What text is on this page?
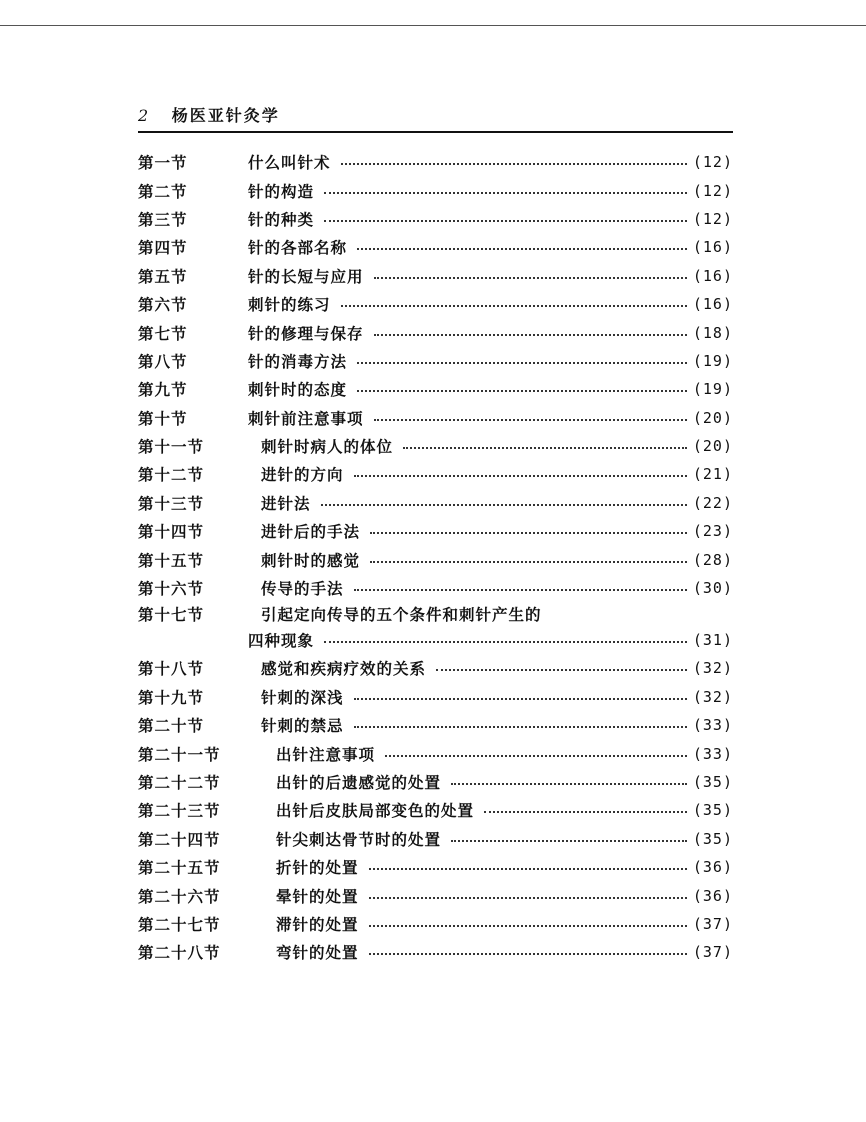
2 杨医亚针灸学
第一节	什么叫针术	(12)
第二节	针的构造	(12)
第三节	针的种类	(12)
第四节	针的各部名称	(16)
第五节	针的长短与应用	(16)
第六节	刺针的练习	(16)
第七节	针的修理与保存	(18)
第八节	针的消毒方法	(19)
第九节	刺针时的态度	(19)
第十节	刺针前注意事项	(20)
第十一节	刺针时病人的体位	(20)
第十二节	进针的方向	(21)
第十三节	进针法	(22)
第十四节	进针后的手法	(23)
第十五节	刺针时的感觉	(28)
第十六节	传导的手法	(30)
第十七节	引起定向传导的五个条件和刺针产生的
四种现象	(31)
第十八节	感觉和疾病疗效的关系	(32)
第十九节	针刺的深浅	(32)
第二十节	针刺的禁忌	(33)
第二十一节	出针注意事项	(33)
第二十二节	出针的后遗感觉的处置	(35)
第二十三节	出针后皮肤局部变色的处置	(35)
第二十四节	针尖刺达骨节时的处置	(35)
第二十五节	折针的处置	(36)
第二十六节	晕针的处置	(36)
第二十七节	滞针的处置	(37)
第二十八节	弯针的处置	(37)
